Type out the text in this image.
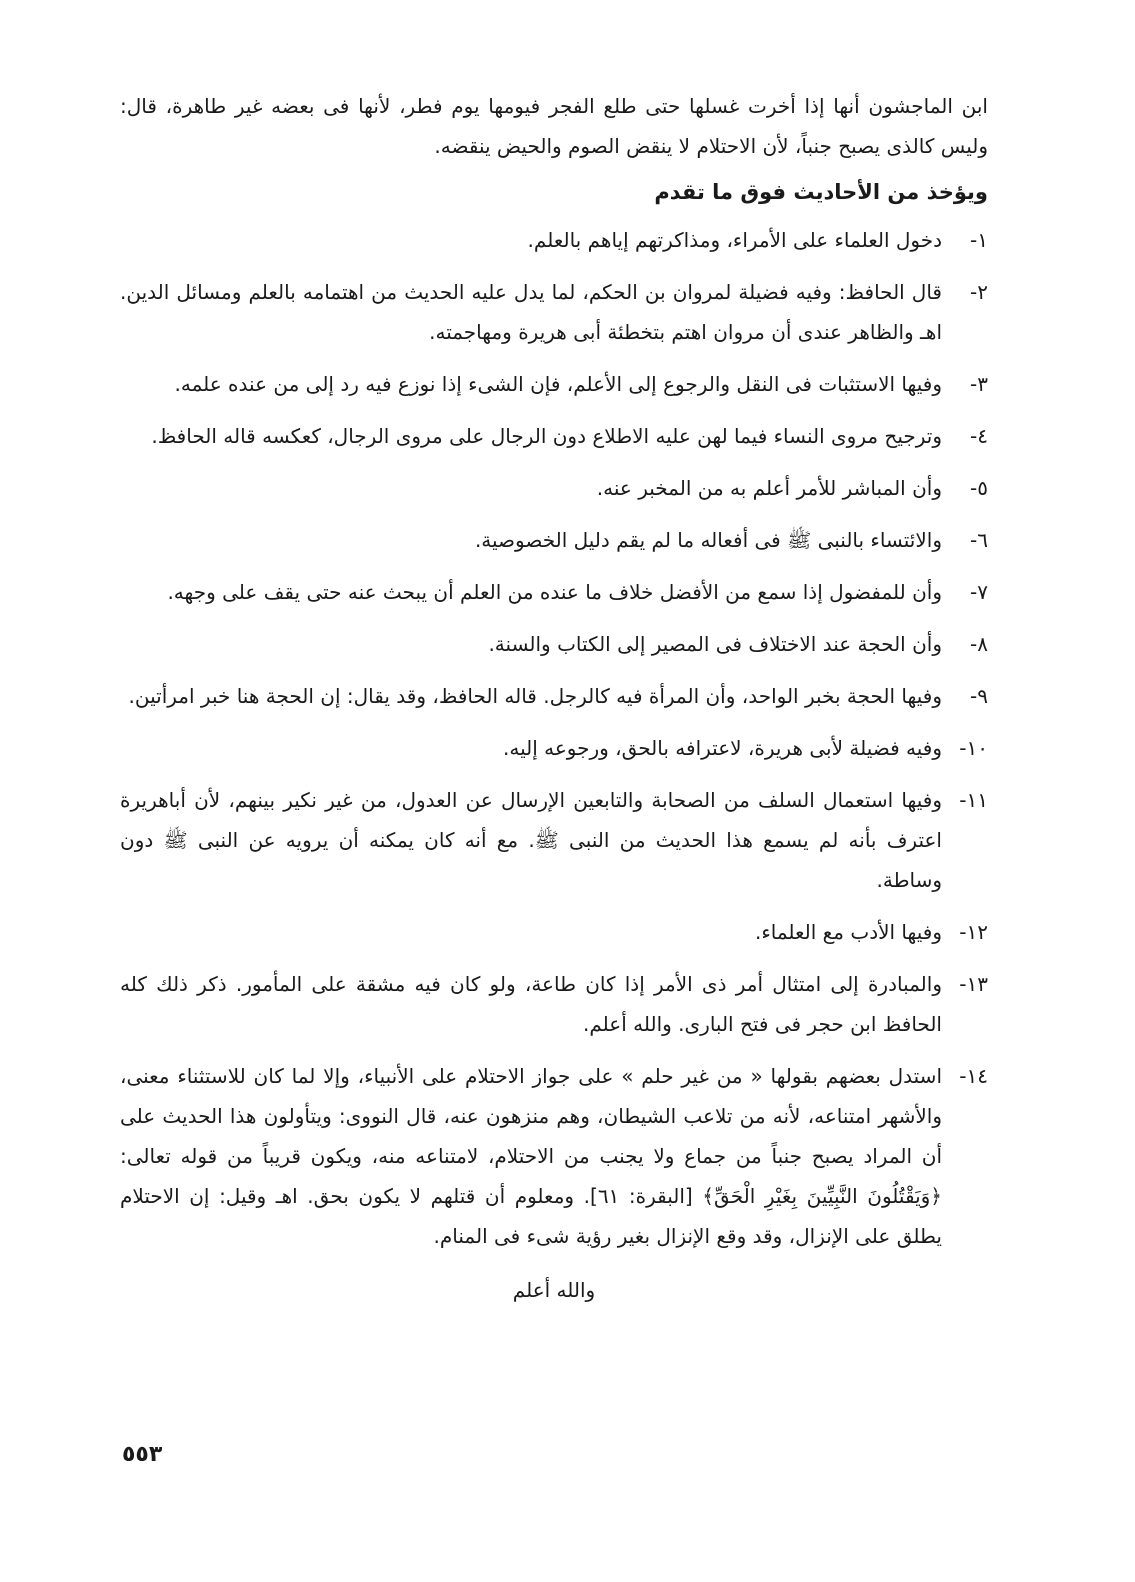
ابن الماجشون أنها إذا أخرت غسلها حتى طلع الفجر فيومها يوم فطر، لأنها فى بعضه غير طاهرة، قال: وليس كالذى يصبح جنباً، لأن الاحتلام لا ينقض الصوم والحيض ينقضه.

ويؤخذ من الأحاديث فوق ما تقدم
١-
دخول العلماء على الأمراء، ومذاكرتهم إياهم بالعلم.
٢-
قال الحافظ: وفيه فضيلة لمروان بن الحكم، لما يدل عليه الحديث من اهتمامه بالعلم ومسائل الدين. اهـ والظاهر عندى أن مروان اهتم بتخطئة أبى هريرة ومهاجمته.
٣-
وفيها الاستثبات فى النقل والرجوع إلى الأعلم، فإن الشىء إذا نوزع فيه رد إلى من عنده علمه.
٤-
وترجيح مروى النساء فيما لهن عليه الاطلاع دون الرجال على مروى الرجال، كعكسه قاله الحافظ.
٥-
وأن المباشر للأمر أعلم به من المخبر عنه.
٦-
والائتساء بالنبى ﷺ فى أفعاله ما لم يقم دليل الخصوصية.
٧-
وأن للمفضول إذا سمع من الأفضل خلاف ما عنده من العلم أن يبحث عنه حتى يقف على وجهه.
٨-
وأن الحجة عند الاختلاف فى المصير إلى الكتاب والسنة.
٩-
وفيها الحجة بخبر الواحد، وأن المرأة فيه كالرجل. قاله الحافظ، وقد يقال: إن الحجة هنا خبر امرأتين.
١٠-
وفيه فضيلة لأبى هريرة، لاعترافه بالحق، ورجوعه إليه.
١١-
وفيها استعمال السلف من الصحابة والتابعين الإرسال عن العدول، من غير نكير بينهم، لأن أباهريرة اعترف بأنه لم يسمع هذا الحديث من النبى ﷺ. مع أنه كان يمكنه أن يرويه عن النبى ﷺ دون وساطة.
١٢-
وفيها الأدب مع العلماء.
١٣-
والمبادرة إلى امتثال أمر ذى الأمر إذا كان طاعة، ولو كان فيه مشقة على المأمور. ذكر ذلك كله الحافظ ابن حجر فى فتح البارى. والله أعلم.
١٤-
استدل بعضهم بقولها « من غير حلم » على جواز الاحتلام على الأنبياء، وإلا لما كان للاستثناء معنى، والأشهر امتناعه، لأنه من تلاعب الشيطان، وهم منزهون عنه، قال النووى: ويتأولون هذا الحديث على أن المراد يصبح جنباً من جماع ولا يجنب من الاحتلام، لامتناعه منه، ويكون قريباً من قوله تعالى: ﴿وَيَقْتُلُونَ النَّبِيِّينَ بِغَيْرِ الْحَقِّ﴾ [البقرة: ٦١]. ومعلوم أن قتلهم لا يكون بحق. اهـ وقيل: إن الاحتلام يطلق على الإنزال، وقد وقع الإنزال بغير رؤية شىء فى المنام.
والله أعلم
٥٥٣
